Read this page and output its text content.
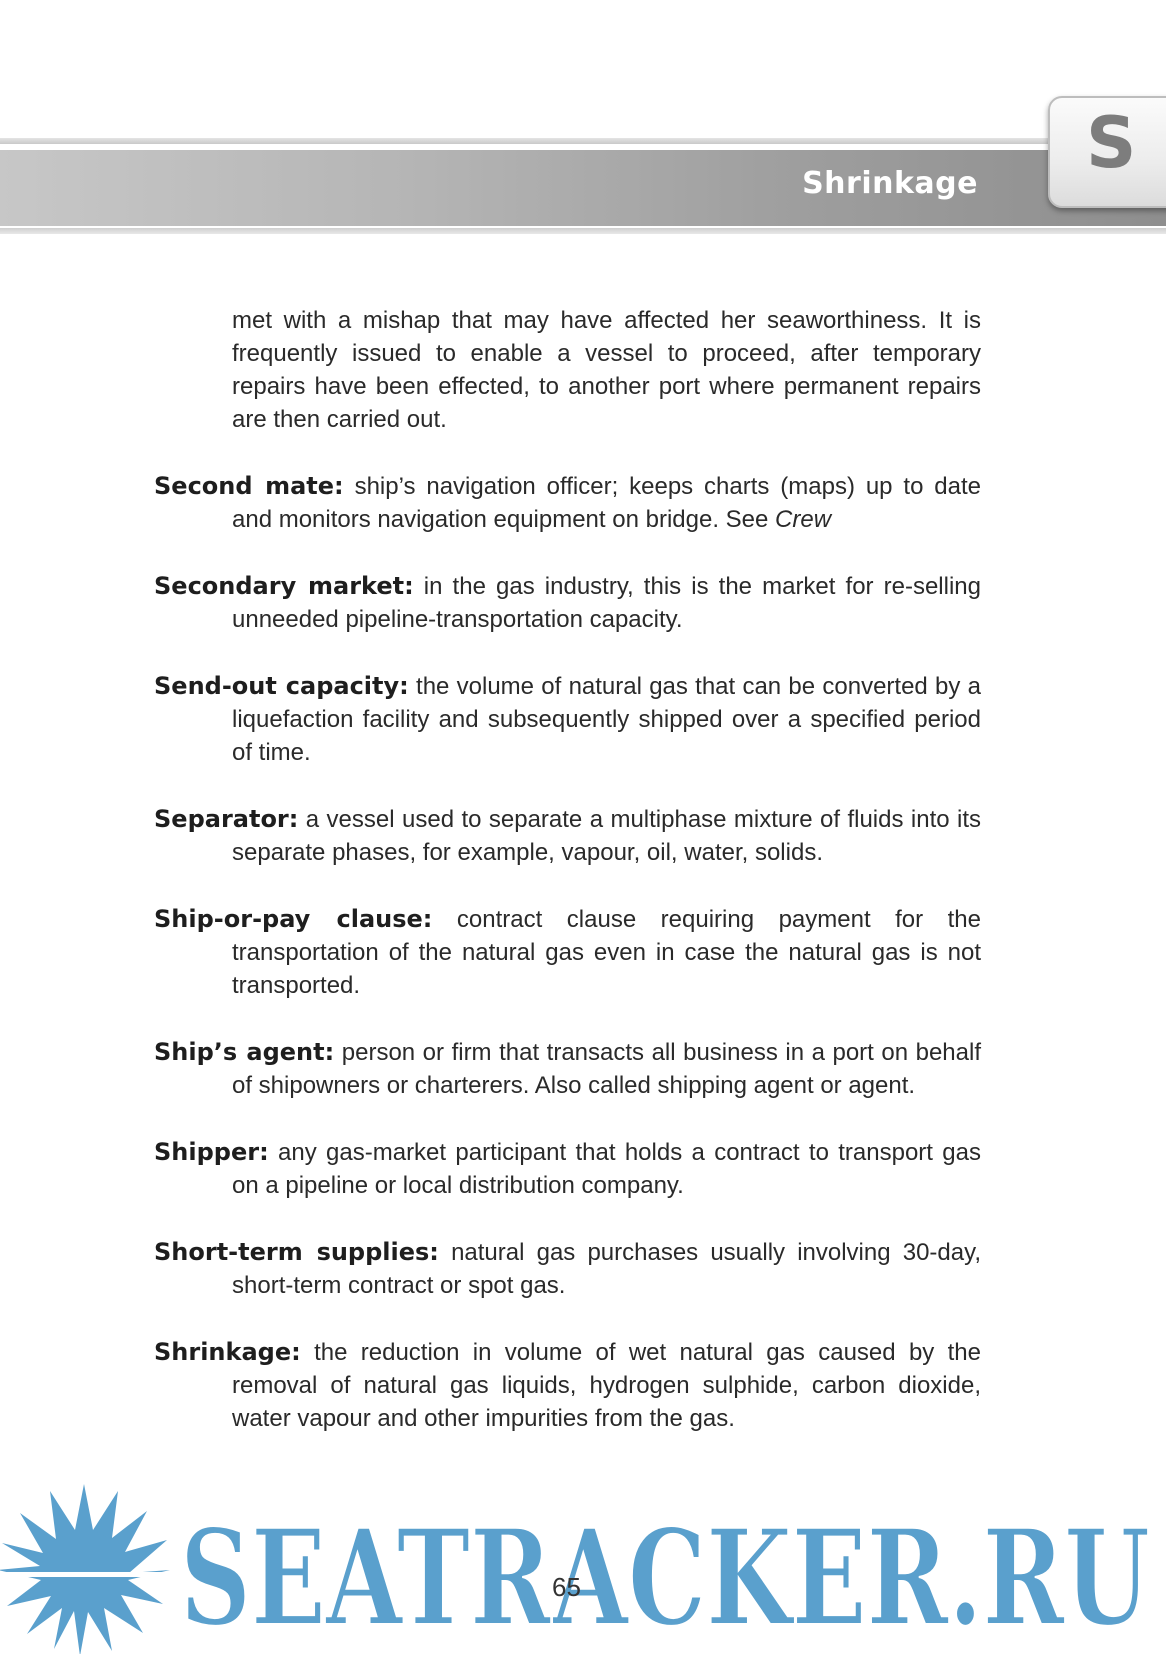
Shrinkage S

met with a mishap that may have affected her seaworthiness. It is frequently issued to enable a vessel to proceed, after temporary repairs have been effected, to another port where permanent repairs are then carried out.

Second mate: ship’s navigation officer; keeps charts (maps) up to date and monitors navigation equipment on bridge. See Crew

Secondary market: in the gas industry, this is the market for re-selling unneeded pipeline-transportation capacity.

Send-out capacity: the volume of natural gas that can be converted by a liquefaction facility and subsequently shipped over a specified period of time.

Separator: a vessel used to separate a multiphase mixture of fluids into its separate phases, for example, vapour, oil, water, solids.

Ship-or-pay clause: contract clause requiring payment for the transportation of the natural gas even in case the natural gas is not transported.

Ship’s agent: person or firm that transacts all business in a port on behalf of shipowners or charterers. Also called shipping agent or agent.

Shipper: any gas-market participant that holds a contract to transport gas on a pipeline or local distribution company.

Short-term supplies: natural gas purchases usually involving 30-day, short-term contract or spot gas.

Shrinkage: the reduction in volume of wet natural gas caused by the removal of natural gas liquids, hydrogen sulphide, carbon dioxide, water vapour and other impurities from the gas.

SEATRACKER.RU
65
